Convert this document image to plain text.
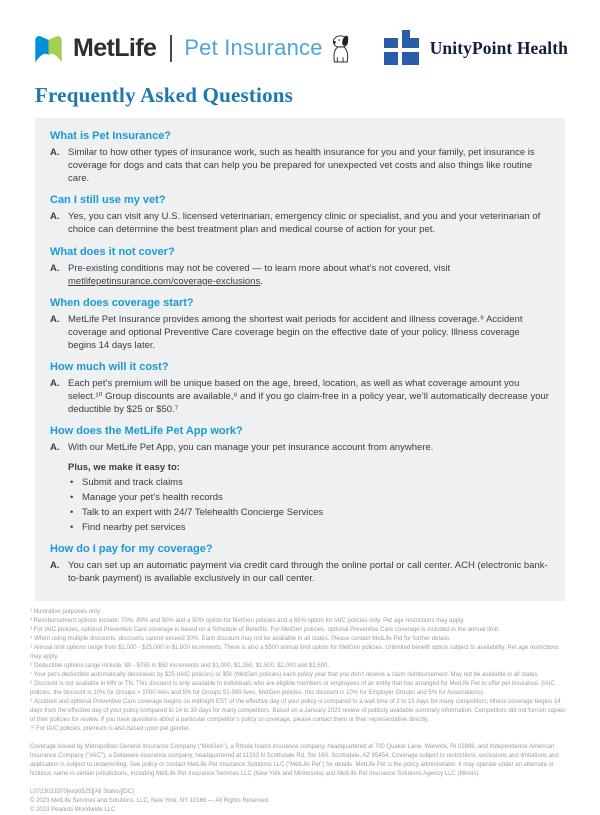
MetLife Pet Insurance	UnityPoint Health
Frequently Asked Questions
What is Pet Insurance?
A. Similar to how other types of insurance work, such as health insurance for you and your family, pet insurance is coverage for dogs and cats that can help you be prepared for unexpected vet costs and also things like routine care.
Can I still use my vet?
A. Yes, you can visit any U.S. licensed veterinarian, emergency clinic or specialist, and you and your veterinarian of choice can determine the best treatment plan and medical course of action for your pet.
What does it not cover?
A. Pre-existing conditions may not be covered — to learn more about what’s not covered, visit metlifepetinsurance.com/coverage-exclusions.
When does coverage start?
A. MetLife Pet Insurance provides among the shortest wait periods for accident and illness coverage.⁹ Accident coverage and optional Preventive Care coverage begin on the effective date of your policy. Illness coverage begins 14 days later.
How much will it cost?
A. Each pet’s premium will be unique based on the age, breed, location, as well as what coverage amount you select.¹⁰ Group discounts are available,⁸ and if you go claim-free in a policy year, we’ll automatically decrease your deductible by $25 or $50.⁷
How does the MetLife Pet App work?
A. With our MetLife Pet App, you can manage your pet insurance account from anywhere.
Plus, we make it easy to:
• Submit and track claims
• Manage your pet’s health records
• Talk to an expert with 24/7 Telehealth Concierge Services
• Find nearby pet services
How do I pay for my coverage?
A. You can set up an automatic payment via credit card through the online portal or call center. ACH (electronic bank-to-bank payment) is available exclusively in our call center.

¹ Illustrative purposes only.

² Reimbursement options include: 70%, 80% and 90% and a 50% option for MetGen policies and a 65% option for IAIC policies only. Pet age restrictions may apply.

³ For IAIC policies, optional Preventive Care coverage is based on a Schedule of Benefits. For MetGen policies, optional Preventive Care coverage is included in the annual limit.

⁴ When using multiple discounts, discounts cannot exceed 30%. Each discount may not be available in all states. Please contact MetLife Pet for further details.

⁵ Annual limit options range from $1,000 - $25,000 in $1,000 increments. There is also a $500 annual limit option for MetGen policies. Unlimited benefit option subject to availability. Pet age restrictions may apply.

⁶ Deductible options range include: $0 - $750 in $50 increments and $1,000, $1,250, $1,500, $2,000 and $2,500.

⁷ Your pet’s deductible automatically decreases by $25 (IAIC policies) or $50 (MetGen policies) each policy year that you don’t receive a claim reimbursement. May not be available in all states.

⁸ Discount is not available in MN or TN. This discount is only available to individuals who are eligible members or employees of an entity that has arranged for MetLife Pet to offer pet insurance. (IAIC policies, the discount is 10% for Groups > 1000 lives and 5% for Groups 51-999 lives. MetGen policies, this discount is 10% for Employer Groups and 5% for Associations).

⁹ Accident and optional Preventive Care coverage begins on midnight EST of the effective day of your policy is compared to a wait time of 2 to 15 days for many competitors; illness coverage begins 14 days from the effective day of your policy compared to 14 to 30 days for many competitors. Based on a January 2023 review of publicly available summary information. Competitors did not furnish copies of their policies for review. If you have questions about a particular competitor’s policy or coverage, please contact them or their representative directly.

¹⁰ For IAIC policies, premium is also based upon pet gender.

Coverage issued by Metropolitan General Insurance Company (“MetGen”), a Rhode Island insurance company, headquartered at 700 Quaker Lane, Warwick, RI 02886, and Independence American Insurance Company (“IAIC”), a Delaware insurance company, headquartered at 11333 N Scottsdale Rd, Ste 160, Scottsdale, AZ 85454. Coverage subject to restrictions, exclusions and limitations and application is subject to underwriting. See policy or contact MetLife Pet Insurance Solutions LLC (“MetLife Pet”) for details. MetLife Pet is the policy administrator. It may operate under an alternate or fictitious name in certain jurisdictions, including MetLife Pet Insurance Services LLC (New York and Minnesota) and MetLife Pet Insurance Solutions Agency LLC (Illinois).

L0723033370[exp0525][All States][DC]

© 2023 MetLife Services and Solutions, LLC, New York, NY 10166 — All Rights Reserved.

© 2023 Peanuts Worldwide LLC
